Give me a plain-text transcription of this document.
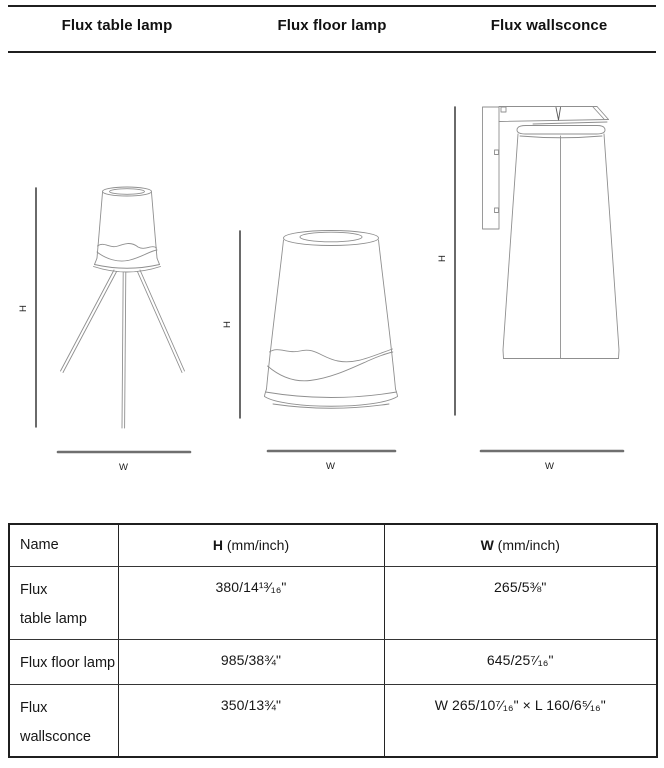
Flux table lamp	Flux floor lamp	Flux wallsconce
H
W
H
W
H
W
Name	H (mm/inch)	W (mm/inch)

Flux
table lamp	380/14¹³⁄₁₆"	265/5⅜"

Flux floor lamp	985/38¾"	645/25⁷⁄₁₆"

Flux
wallsconce	350/13¾"	W 265/10⁷⁄₁₆" × L 160/6⁵⁄₁₆"
